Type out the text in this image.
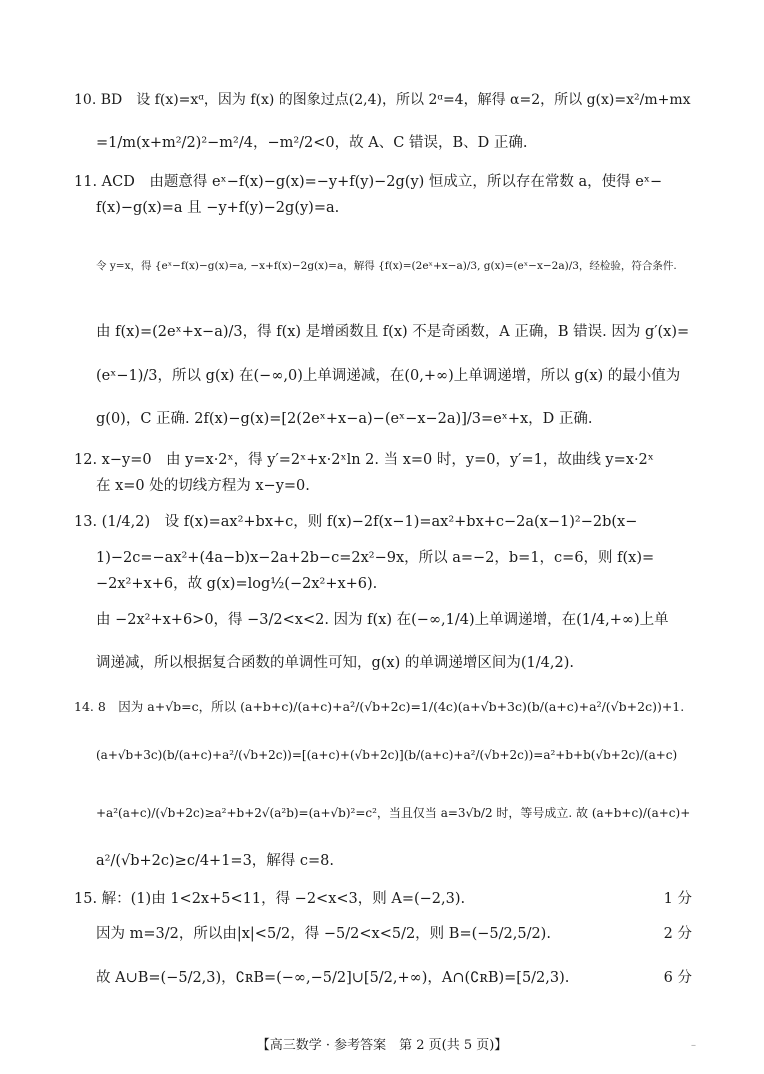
10. BD　设 f(x)=xᵅ，因为 f(x) 的图象过点(2,4)，所以 2ᵅ=4，解得 α=2，所以 g(x)=x²/m+mx
=1/m(x+m²/2)²−m²/4，−m²/2<0，故 A、C 错误，B、D 正确.
11. ACD　由题意得 eˣ−f(x)−g(x)=−y+f(y)−2g(y) 恒成立，所以存在常数 a，使得 eˣ−
f(x)−g(x)=a 且 −y+f(y)−2g(y)=a.
令 y=x，得 {eˣ−f(x)−g(x)=a, −x+f(x)−2g(x)=a，解得 {f(x)=(2eˣ+x−a)/3, g(x)=(eˣ−x−2a)/3，经检验，符合条件.
由 f(x)=(2eˣ+x−a)/3，得 f(x) 是增函数且 f(x) 不是奇函数，A 正确，B 错误. 因为 g′(x)=
(eˣ−1)/3，所以 g(x) 在(−∞,0)上单调递减，在(0,+∞)上单调递增，所以 g(x) 的最小值为
g(0)，C 正确. 2f(x)−g(x)=[2(2eˣ+x−a)−(eˣ−x−2a)]/3=eˣ+x，D 正确.
12. x−y=0　由 y=x·2ˣ，得 y′=2ˣ+x·2ˣln 2. 当 x=0 时，y=0，y′=1，故曲线 y=x·2ˣ
在 x=0 处的切线方程为 x−y=0.
13. (1/4,2)　设 f(x)=ax²+bx+c，则 f(x)−2f(x−1)=ax²+bx+c−2a(x−1)²−2b(x−
1)−2c=−ax²+(4a−b)x−2a+2b−c=2x²−9x，所以 a=−2，b=1，c=6，则 f(x)=
−2x²+x+6，故 g(x)=log½(−2x²+x+6).
由 −2x²+x+6>0，得 −3/2<x<2. 因为 f(x) 在(−∞,1/4)上单调递增，在(1/4,+∞)上单
调递减，所以根据复合函数的单调性可知，g(x) 的单调递增区间为(1/4,2).
14. 8　因为 a+√b=c，所以 (a+b+c)/(a+c)+a²/(√b+2c)=1/(4c)(a+√b+3c)(b/(a+c)+a²/(√b+2c))+1.
(a+√b+3c)(b/(a+c)+a²/(√b+2c))=[(a+c)+(√b+2c)](b/(a+c)+a²/(√b+2c))=a²+b+b(√b+2c)/(a+c)
+a²(a+c)/(√b+2c)≥a²+b+2√(a²b)=(a+√b)²=c²，当且仅当 a=3√b/2 时，等号成立. 故 (a+b+c)/(a+c)+
a²/(√b+2c)≥c/4+1=3，解得 c=8.
15. 解：(1)由 1<2x+5<11，得 −2<x<3，则 A=(−2,3).	1 分
因为 m=3/2，所以由|x|<5/2，得 −5/2<x<5/2，则 B=(−5/2,5/2).	2 分
故 A∪B=(−5/2,3)，∁ʀB=(−∞,−5/2]∪[5/2,+∞)，A∩(∁ʀB)=[5/2,3).	6 分
【高三数学 · 参考答案　第 2 页(共 5 页)】	–
